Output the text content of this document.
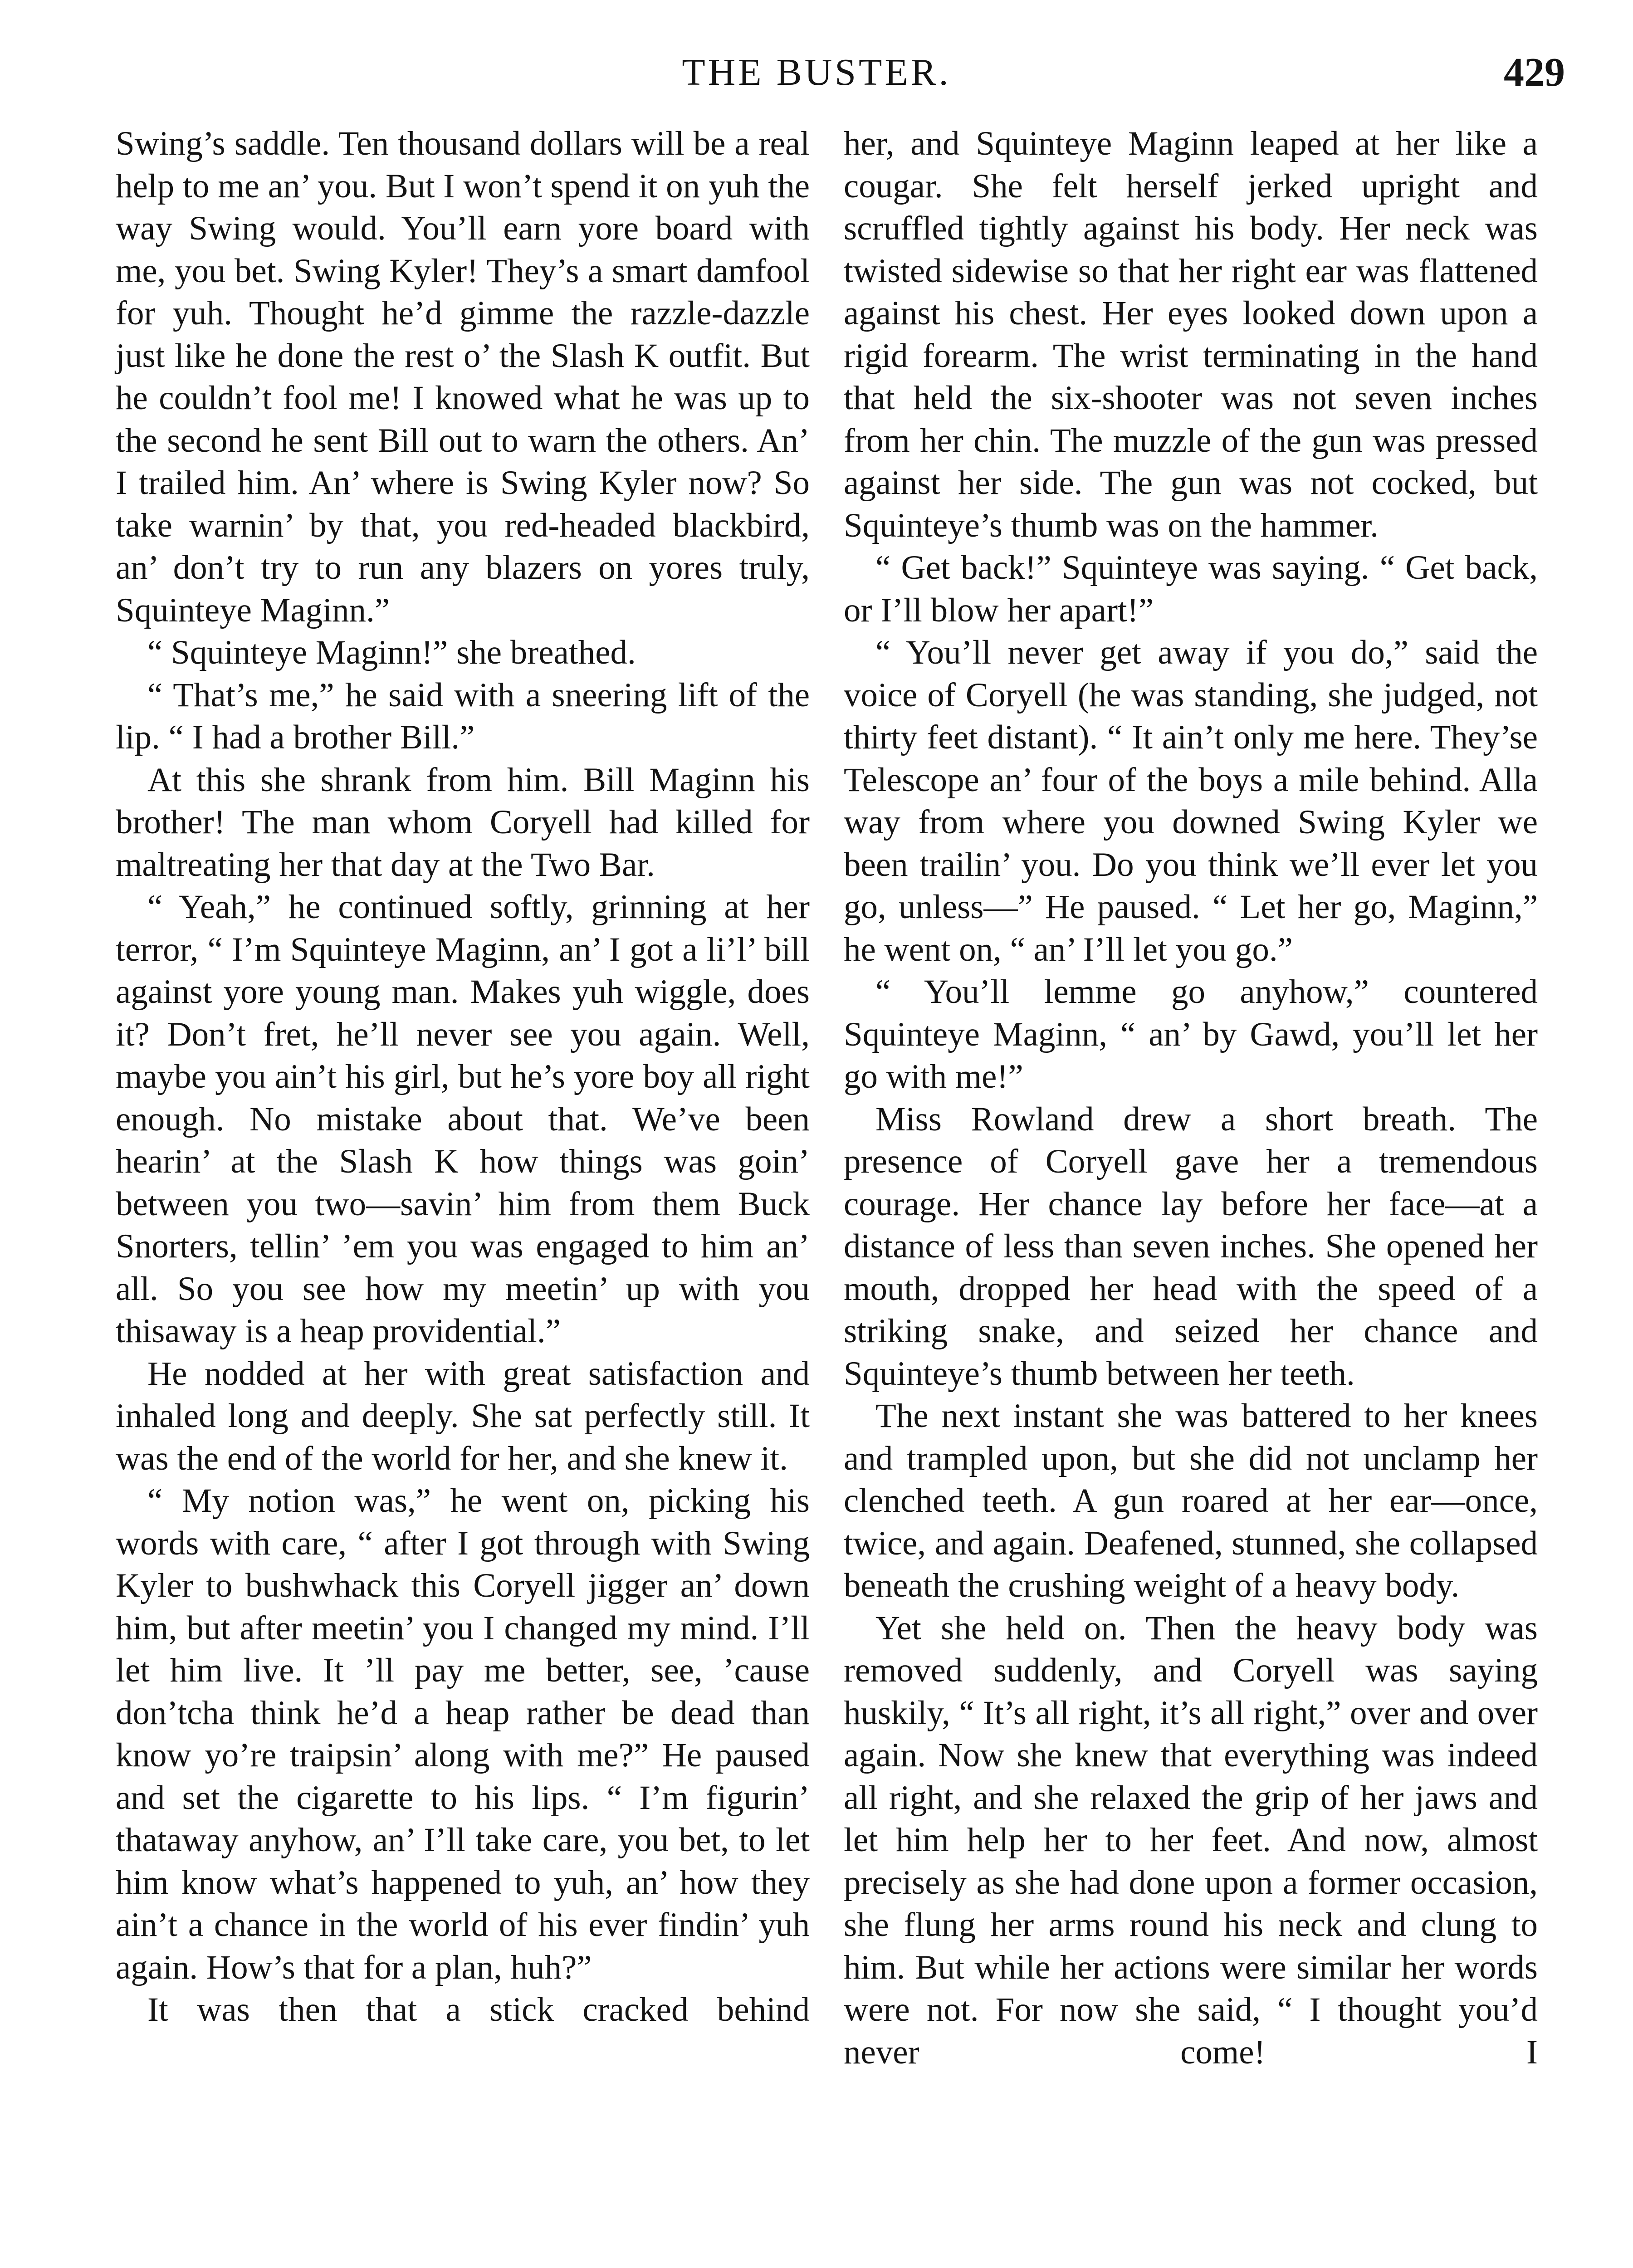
THE BUSTER.	429

Swing’s saddle. Ten thousand dollars will be a real help to me an’ you. But I won’t spend it on yuh the way Swing would. You’ll earn yore board with me, you bet. Swing Kyler! They’s a smart damfool for yuh. Thought he’d gimme the razzle-dazzle just like he done the rest o’ the Slash K outfit. But he couldn’t fool me! I knowed what he was up to the second he sent Bill out to warn the others. An’ I trailed him. An’ where is Swing Kyler now? So take warnin’ by that, you red-headed blackbird, an’ don’t try to run any blazers on yores truly, Squinteye Maginn.”

“ Squinteye Maginn!” she breathed.

“ That’s me,” he said with a sneering lift of the lip. “ I had a brother Bill.”

At this she shrank from him. Bill Maginn his brother! The man whom Coryell had killed for maltreating her that day at the Two Bar.

“ Yeah,” he continued softly, grinning at her terror, “ I’m Squinteye Maginn, an’ I got a li’l’ bill against yore young man. Makes yuh wiggle, does it? Don’t fret, he’ll never see you again. Well, maybe you ain’t his girl, but he’s yore boy all right enough. No mistake about that. We’ve been hearin’ at the Slash K how things was goin’ between you two—savin’ him from them Buck Snorters, tellin’ ’em you was engaged to him an’ all. So you see how my meetin’ up with you thisaway is a heap providential.”

He nodded at her with great satisfaction and inhaled long and deeply. She sat perfectly still. It was the end of the world for her, and she knew it.

“ My notion was,” he went on, picking his words with care, “ after I got through with Swing Kyler to bushwhack this Coryell jigger an’ down him, but after meetin’ you I changed my mind. I’ll let him live. It ’ll pay me better, see, ’cause don’tcha think he’d a heap rather be dead than know yo’re traipsin’ along with me?” He paused and set the cigarette to his lips. “ I’m figurin’ thataway anyhow, an’ I’ll take care, you bet, to let him know what’s happened to yuh, an’ how they ain’t a chance in the world of his ever findin’ yuh again. How’s that for a plan, huh?”

It was then that a stick cracked behind

her, and Squinteye Maginn leaped at her like a cougar. She felt herself jerked upright and scruffled tightly against his body. Her neck was twisted sidewise so that her right ear was flattened against his chest. Her eyes looked down upon a rigid forearm. The wrist terminating in the hand that held the six-shooter was not seven inches from her chin. The muzzle of the gun was pressed against her side. The gun was not cocked, but Squinteye’s thumb was on the hammer.

“ Get back!” Squinteye was saying. “ Get back, or I’ll blow her apart!”

“ You’ll never get away if you do,” said the voice of Coryell (he was standing, she judged, not thirty feet distant). “ It ain’t only me here. They’se Telescope an’ four of the boys a mile behind. Alla way from where you downed Swing Kyler we been trailin’ you. Do you think we’ll ever let you go, unless—” He paused. “ Let her go, Maginn,” he went on, “ an’ I’ll let you go.”

“ You’ll lemme go anyhow,” countered Squinteye Maginn, “ an’ by Gawd, you’ll let her go with me!”

Miss Rowland drew a short breath. The presence of Coryell gave her a tremendous courage. Her chance lay before her face—at a distance of less than seven inches. She opened her mouth, dropped her head with the speed of a striking snake, and seized her chance and Squinteye’s thumb between her teeth.

The next instant she was battered to her knees and trampled upon, but she did not unclamp her clenched teeth. A gun roared at her ear—once, twice, and again. Deafened, stunned, she collapsed beneath the crushing weight of a heavy body.

Yet she held on. Then the heavy body was removed suddenly, and Coryell was saying huskily, “ It’s all right, it’s all right,” over and over again. Now she knew that everything was indeed all right, and she relaxed the grip of her jaws and let him help her to her feet. And now, almost precisely as she had done upon a former occasion, she flung her arms round his neck and clung to him. But while her actions were similar her words were not. For now she said, “ I thought you’d never come! I
